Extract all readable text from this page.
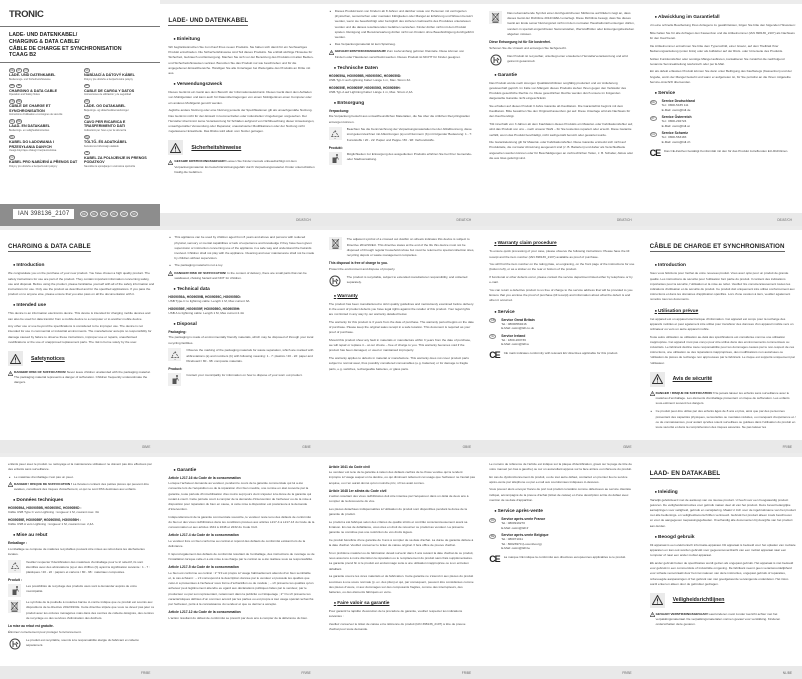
TRONIC
LADE- UND DATENKABEL/
CHARGING & DATA CABLE/
CÂBLE DE CHARGE ET SYNCHRONISATION
TCAAG B2
DE	AT	CH
LADE- UND DATENKABEL
Bedienungs- und Sicherheitshinweise
GB	IE
CHARGING & DATA CABLE
Operation and Safety Notes
FR	BE
CÂBLE DE CHARGE ET SYNCHRONISATION
Instructions d'utilisation et consignes de sécurité
NL	BE
LAAD- EN DATAKABEL
Bedienings- en veiligheidsinstructies
PL
KABEL DO ŁADOWANIA I PRZESYŁANIA DANYCH
Uwagi dotyczące obsługi i bezpieczeństwa
CZ
KABEL PRO NABÍJENÍ A PŘENOS DAT
Pokyny pro obsluhu a bezpečnostní pokyny
SK
NABÍJACÍ A DÁTOVÝ KÁBEL
Pokyny pre obsluhu a bezpečnostné pokyny
ES
CABLE DE CARGA Y DATOS
Instrucciones de utilización y de seguridad
DK
LADE- OG DATAKABEL
Betjenings- og sikkerhedsbemærkninger
IT
CAVO PER RICARICA E TRASFERIMENTO DATI
Indicazioni per l'uso e per la sicurezza
HU
TÖLTŐ- ÉS ADATKÁBEL
Kezelési és biztonsági utalások
SI
KABEL ZA POLNJENJE IN PRENOS PODATKOV
Navodila za upravljanje in varnostna opozorila
IAN 398136_2107	DE	NL	BE	PL	CZ	SK
LADE- UND DATENKABEL

● Einleitung
Wir beglückwünschen Sie zum Kauf Ihres neuen Produkts. Sie haben sich damit für ein hochwertiges Produkt entschieden. Die Sicherheitshinweise sind Teil dieses Produkts. Sie enthält wichtige Hinweise für Sicherheit, Gebrauch und Entsorgung. Machen Sie sich vor der Benutzung des Produkts mit allen Bedien- und Sicherheitshinweisen vertraut. Benutzen Sie das Produkt nur wie beschrieben und für die angegebenen Einsatzbereiche. Händigen Sie alle Unterlagen bei Weitergabe des Produkts an Dritte mit aus.
● Verwendungszweck
Dieses Gerät ist ein Gerät aus dem Bereich der Informationselektronik. Dieses Gerät dient dem Aufladen von Mobilgeräten und kann auch für Datenübertragungen von einem Mobilgerät an einen Computer oder ein anderes Mobilgerät genutzt werden.
Jegliche andere Nutzung oder eine Nutzung jenseits der Spezifikationen gilt als unsachgemäße Nutzung. Das Gerät ist nicht für den Einsatz in kommerziellen oder industriellen Umgebungen vorgesehen. Der Hersteller übernimmt keine Verantwortung für Schäden aufgrund von Nichtbeachtung dieser Anweisungen, unsachgemäßer Verwendung oder Reparatur, unautorisierter Modifikationen oder der Nutzung nicht zugelassener Ersatzteile. Das Risiko wird allein vom Nutzer getragen.
Sicherheitshinweise
GEFAHR! ERSTICKUNGSGEFAHR! Lassen Sie Kinder niemals unbeaufsichtigt mit dem Verpackungsmaterial. Es besteht Erstickungsgefahr durch Verpackungsmaterial. Kinder unterschätzen häufig die Gefahren.
DE/AT/CH
■ Dieses Produkt kann von Kindern ab 8 Jahren und darüber sowie von Personen mit verringerten physischen, sensorischen oder mentalen Fähigkeiten oder Mangel an Erfahrung und Wissen benutzt werden, wenn sie beaufsichtigt oder bezüglich des sicheren Gebrauchs des Produktes unterwiesen wurden und die daraus resultierenden Gefahren verstehen. Kinder dürfen nicht mit dem Produkt spielen. Reinigung und Benutzerwartung dürfen nicht von Kindern ohne Beaufsichtigung durchgeführt werden.
■ Das Verpackungsmaterial ist kein Spielzeug.
GEFAHR! ERSTICKUNGSGEFAHR! Zum Lieferumfang gehören Kleinteile. Diese können von Kindern oder Haustieren verschluckt werden. Dieses Produkt ist NICHT für Kinder geeignet.
● Technische Daten
HG09059A, HG09059B, HG09059C, HG09059D:
USB-Typ-C auf Lightning Kabel: Länge 1 m, Max. Strom 3A
HG09059E, HG09059F, HG09059G, HG09059H:
USB-Typ-A auf Lightning Kabel: Länge 1 m, Max. Strom 2,4A
● Entsorgung
Verpackung:
Die Verpackung besteht aus umweltfreundlichen Materialien, die Sie über die örtlichen Recyclingstellen entsorgen können.
a
Beachten Sie die Kennzeichnung der Verpackungsmaterialien bei der Abfalltrennung, diese sind gekennzeichnet mit Abkürzungen (a) und Nummern (b) mit folgender Bedeutung: 1 - 7: Kunststoffe / 20 - 22: Papier und Pappe / 80 - 98: Verbundstoffe.
Produkt:
Möglichkeiten zur Entsorgung des ausgedienten Produkts erfahren Sie bei Ihrer Gemeinde- oder Stadtverwaltung.
DE/AT/CH
Das nebenstehende Symbol einer durchgestrichenen Mülltonne auf Rädern zeigt an, dass dieses Gerät der Richtlinie 2012/19/EU unterliegt. Diese Richtlinie besagt, dass Sie dieses Gerät am Ende seiner Nutzungszeit nicht mit dem normalen Haushaltsmüll entsorgen dürfen, sondern in speziell eingerichteten Sammelstellen, Wertstoffhöfen oder Entsorgungsbetrieben abgeben müssen.
Diese Entsorgung ist für Sie kostenfrei.
Schonen Sie die Umwelt und entsorgen Sie fachgerecht.
Das Produkt ist recycelbar, unterliegt einer erweiterten Herstellerverantwortung und wird getrennt gesammelt.
● Garantie
Das Produkt wurde nach strengen Qualitätsrichtlinien sorgfältig produziert und vor Anlieferung gewissenhaft geprüft. Im Falle von Mängeln dieses Produkts stehen Ihnen gegen den Verkäufer des Produkts gesetzliche Rechte zu. Diese gesetzlichen Rechte werden durch unsere im Folgenden dargestellte Garantie nicht eingeschränkt.
Sie erhalten auf dieses Produkt 3 Jahre Garantie ab Kaufdatum. Die Garantiefrist beginnt mit dem Kaufdatum. Bitte bewahren Sie den Original-Kassenbon gut auf. Diese Unterlage wird als Nachweis für den Kauf benötigt.
Tritt innerhalb von 3 Jahren ab dem Kaufdatum dieses Produkts ein Material- oder Fabrikationsfehler auf, wird das Produkt von uns – nach unserer Wahl – für Sie kostenlos repariert oder ersetzt. Diese Garantie verfällt, wenn das Produkt beschädigt, nicht sachgemäß benutzt oder gewartet wurde.
Die Garantieleistung gilt für Material- oder Fabrikationsfehler. Diese Garantie erstreckt sich nicht auf Produktteile, die normaler Abnutzung ausgesetzt sind (z. B. Batterien) und daher als Verschleißteile angesehen werden können oder für Beschädigungen an zerbrechlichen Teilen, z. B. Schalter, Akkus oder die aus Glas gefertigt sind.
DE/AT/CH
● Abwicklung im Garantiefall
Um eine schnelle Bearbeitung Ihres Anliegens zu gewährleisten, folgen Sie bitte den folgenden Hinweisen:
Bitte halten Sie für alle Anfragen den Kassenbon und die Artikelnummer (IAN 398136_2107) als Nachweis für den Kauf bereit.
Die Artikelnummer entnehmen Sie bitte dem Typenschild, einer Gravur, auf dem Titelblatt Ihrer Bedienungsanleitung (unten links) oder als Aufkleber auf der Rück- oder Unterseite des Produkts.
Sollten Funktionsfehler oder sonstige Mängel auftreten, kontaktieren Sie zunächst die nachfolgend benannte Serviceabteilung telefonisch oder per E-Mail.
Ein als defekt erfasstes Produkt können Sie dann unter Beifügung des Kaufbelegs (Kassenbon) und der Angabe, worin der Mangel besteht und wann er aufgetreten ist, für Sie portofrei an die Ihnen mitgeteilte Service-Anschrift übersenden.
● Service
DE	Service Deutschland
Tel.: 0800-5435 111
E-Mail: owim@lidl.de
AT	Service Österreich
Tel.: 0800-292724
E-Mail: owim@lidl.at
CH	Service Schweiz
Tel.: 0800-563183
E-Mail: owim@lidl.ch
CE Das CE-Zeichen bestätigt Konformität mit den für das Produkt zutreffenden EU-Richtlinien.
DE/AT/CH
CHARGING & DATA CABLE

● Introduction
We congratulate you on the purchase of your new product. You have chosen a high quality product. The safety instructions for use are part of the product. They contain important information concerning safety, use and disposal. Before using the product, please familiarise yourself with all of the safety information and instructions for use. Only use the product as described and for the specified applications. If you pass the product on to anyone else, please ensure that you also pass on all the documentation with it.
● Intended use
This device is an information electronics device. This device is intended for charging mobile devices and can also be used for data transfer from a mobile device to a computer or to another mobile device.
Any other use or use beyond the specifications is considered to be improper use. The device is not intended for use in commercial or industrial environments. The manufacturer accepts no responsibility for damage caused by failure to observe these instructions, improper use or repairs, unauthorised modifications or the use of unapproved replacement parts. The risk is borne solely by the user.
Safetynotices
DANGER! RISK OF SUFFOCATION! Never leave children unattended with the packaging material. The packaging material represents a danger of suffocation. Children frequently underestimate the dangers.
GB/IE
■ This appliance can be used by children aged from 8 years and above and persons with reduced physical, sensory or mental capabilities or lack of experience and knowledge if they have been given supervision or instruction concerning use of the appliance in a safe way and understand the hazards involved. Children shall not play with the appliance. Cleaning and user maintenance shall not be made by children without supervision.
■ The packaging material is not a toy.
DANGER! RISK OF SUFFOCATION! In the content of delivery, there are small parts that can be swallowed, choking hazard and NOT for children.
● Technical data
HG09059A, HG09059B, HG09059C, HG09059D:
USB Type-C to lightning cable: Length 1 M, Max current 3A
HG09059E, HG09059F, HG09059G, HG09059H:
USB A to lightning cable: Length 1 M, Max current 2.4A
● Disposal
Packaging:
The packaging is made of environmentally friendly materials, which may be disposed of through your local recycling facilities.
a
Observe the marking of the packaging materials for waste separation, which are marked with abbreviations (a) and numbers (b) with following meaning: 1 - 7: plastics / 20 - 22: paper and fibreboard / 80 - 98: composite materials.
Product:
Contact your municipality for information on how to dispose of your worn out product.
GB/IE
The adjacent symbol of a crossed out dustbin on wheels indicates this device is subject to Directive 2012/19/EU. This directive states at the end of the life this device must not be disposed of through regular household refuse but must be returned to special collection sites, recycling depots or waste management companies.
This disposal is free of charge to you.
Protect the environment and dispose of properly.
The product is recyclable, subject to extended manufacturer responsibility, and collected separately.
● Warranty
The product has been manufactured to strict quality guidelines and meticulously examined before delivery. In the event of product defects you have legal rights against the retailer of this product. Your legal rights are not limited in any way by our warranty detailed below.
The warranty for this product is 3 years from the date of purchase. The warranty period begins on the date of purchase. Please keep the original sales receipt in a safe location. This document is required as your proof of purchase.
Should this product show any fault in materials or manufacture within 3 years from the date of purchase, we will repair or replace it – at our choice – free of charge to you. This warranty becomes void if the product has been damaged, or used or maintained improperly.
The warranty applies to defects in material or manufacture. This warranty does not cover product parts subject to normal wear, thus possibly considered consumables (e.g. batteries) or for damage to fragile parts, e.g. switches, rechargeable batteries, or glass parts.
GB/IE
● Warranty claim procedure
To ensure quick processing of your case, please observe the following instructions: Please have the till receipt and the item number (IAN 398136_2107) available as proof of purchase.
You will find the item number on the rating plate, an engraving, on the front page of the instructions for use (bottom left), or as a sticker on the rear or bottom of the product.
If functional or other defects occur, please contact the service department listed either by telephone or by e-mail.
You can return a defective product to us free of charge to the service address that will be provided to you. Ensure that you enclose the proof of purchase (till receipt) and information about what the defect is and when it occurred.
● Service
GB	Service Great Britain
Tel.: 08000569216
E-Mail: owim@lidl.co.uk
IE	Service Ireland
Tel.: 1800-200736
E-Mail: owim@lidl.ie
CE CE mark indicates conformity with relevant EU directives applicable for this product.
GB/IE
CÂBLE DE CHARGE ET SYNCHRONISATION

● Introduction
Nous vous félicitons pour l'achat de votre nouveau produit. Vous avez opté pour un produit de grande qualité. Les instructions de sécurité pour l'utilisation font partie du produit. Il contient des indications importantes pour la sécurité, l'utilisation et la mise au rebut. Veuillez lire consciencieusement toutes les indications d'utilisation et de sécurité du produit. Ce produit doit uniquement être utilisé conformément aux instructions et dans les domaines d'application spécifiés. Lors d'une cession à tiers, veuillez également remettre tous les documents.
● Utilisation prévue
Cet appareil est un appareil électronique d'information. Cet appareil est conçu pour la recharge des appareils mobiles et peut également être utilisé pour transférer des données d'un appareil mobile vers un ordinateur ou vers un autre appareil mobile.
Toute autre utilisation ou utilisation au-delà des spécifications est considérée comme une utilisation inappropriée. Cet appareil n'est pas conçu pour être utilisé dans des environnements commerciaux ou industriels. Le fabricant décline toute responsabilité pour les dommages causés par le non-respect de ces instructions, une utilisation ou des réparations inappropriées, des modifications non autorisées ou l'utilisation de pièces de rechange non approuvées par le fabricant. Le risque est supporté uniquement par l'utilisateur.
Avis de sécurité
DANGER ! RISQUE DE SUFFOCATION ! Ne jamais laisser les enfants sans surveillance avec le matériau d'emballage. Les éléments d'emballage présentent un risque de suffocation. Les enfants sous-estiment souvent les dangers.
■ Ce produit peut être utilisé par des enfants âgés de 8 ans et plus, ainsi que par des personnes présentant des capacités physiques, sensorielles ou mentales réduites, ou manquant d'expérience et / ou de connaissances, pour autant qu'elles soient surveillées ou guidées dans l'utilisation du produit en toute sécurité et dans la compréhension des risques associés. Ne pas laisser les
FR/BE
enfants jouer avec le produit. Le nettoyage et la maintenance utilisateur ne doivent pas être effectués par des enfants sans surveillance.
■ Le matériau d'emballage n'est pas un jouet.
DANGER ! RISQUE DE SUFFOCATION ! La livraison contient des petites pièces qui peuvent être avalées, constituant des risques d'étouffement, et qui ne sont PAS destinées aux enfants.
● Données techniques
HG09059A, HG09059B, HG09059C, HG09059D :
Câble USB Type C vers Lightning : longueur 1 M, courant max. 3A
HG09059E, HG09059F, HG09059G, HG09059H :
Câble USB A vers Lightning : longueur 1 M, courant max. 2,4A
● Mise au rebut
Emballage :
L'emballage se compose de matières recyclables pouvant être mises au rebut dans les déchetteries locales.
a
Veuillez respecter l'identification des matériaux d'emballage pour le tri sélectif, ils sont identifiés avec des abréviations (a) et des chiffres (b) ayant la signification suivante : 1 - 7 : plastiques / 20 - 22 : papiers et cartons / 80 - 98 : matériaux composites.
Produit :
Les possibilités de recyclage des produits usés sont à demander auprès de votre municipalité.
Le symbole de la poubelle à roulettes barrée ci-contre indique que ce produit est soumis aux dispositions de la directive 2012/19/UE. Cette directive stipule que vous ne devez pas jeter ce produit avec les ordures ménagères mais dans des centres de collecte désignés, des centres de recyclage ou des services d'élimination des déchets.
La mise au rebut est gratuite.
Éliminez correctement pour protéger l'environnement.
Le produit est recyclable, soumis à la responsabilité élargie du fabricant et collecté séparément.
FR/BE
● Garantie
Article L217-16 du Code de la consommation
Lorsque l'acheteur demande au vendeur, pendant le cours de la garantie commerciale qui lui a été consentie lors de l'acquisition ou de la réparation d'un bien meuble, une remise en état couverte par la garantie, toute période d'immobilisation d'au moins sept jours vient s'ajouter à la durée de la garantie qui restait à courir. Cette période court à compter de la demande d'intervention de l'acheteur ou de la mise à disposition pour réparation du bien en cause, si cette mise à disposition est postérieure à la demande d'intervention.
Indépendamment de la garantie commerciale souscrite, le vendeur reste tenu des défauts de conformité du bien et des vices rédhibitoires dans les conditions prévues aux articles L217-4 à L217-13 du Code de la consommation et aux articles 1641 à 1648 et 2232 du Code Civil.
Article L217-4 du Code de la consommation
Le vendeur livre un bien conforme au contrat et répond des défauts de conformité existant lors de la délivrance.
Il répond également des défauts de conformité résultant de l'emballage, des instructions de montage ou de l'installation lorsque celle-ci a été mise à sa charge par le contrat ou a été réalisée sous sa responsabilité.
Article L217-5 du Code de la consommation
Le bien est conforme au contrat : 1° S'il est propre à l'usage habituellement attendu d'un bien semblable et, le cas échéant : – s'il correspond à la description donnée par le vendeur et possède les qualités que celui-ci a présentées à l'acheteur sous forme d'échantillon ou de modèle ; – s'il présente les qualités qu'un acheteur peut légitimement attendre eu égard aux déclarations publiques faites par le vendeur, par le producteur ou par son représentant, notamment dans la publicité ou l'étiquetage ; 2° Ou s'il présente les caractéristiques définies d'un commun accord par les parties ou est propre à tout usage spécial recherché par l'acheteur, porté à la connaissance du vendeur et que ce dernier a accepté.
Article L217-12 du Code de la consommation
L'action résultant du défaut de conformité se prescrit par deux ans à compter de la délivrance du bien.
FR/BE
Article 1641 du Code civil
Le vendeur est tenu de la garantie à raison des défauts cachés de la chose vendue qui la rendent impropre à l'usage auquel on la destine, ou qui diminuent tellement cet usage que l'acheteur ne l'aurait pas acquise, ou n'en aurait donné qu'un moindre prix, s'il les avait connus.
Article 1648 1er alinéa du Code civil
L'action résultant des vices rédhibitoires doit être intentée par l'acquéreur dans un délai de deux ans à compter de la découverte du vice.
Les pièces détachées indispensables à l'utilisation du produit sont disponibles pendant la durée de la garantie du produit.
Le produit a été fabriqué selon des critères de qualité stricts et contrôlé consciencieusement avant sa livraison. En cas de défaillance, vous êtes en droit de retourner ce produit au vendeur. La présente garantie ne constitue pas une restriction de vos droits légaux.
Ce produit bénéficie d'une garantie de 3 ans à compter de sa date d'achat. La durée de garantie débute à la date d'achat. Veuillez conserver le ticket de caisse original. Il fera office de preuve d'achat.
Si un problème matériel ou de fabrication devait survenir dans 3 ans suivant la date d'achat de ce produit, nous assurons à notre discrétion la réparation ou le remplacement du produit sans frais supplémentaires. La garantie prend fin si le produit est endommagé suite à une utilisation inappropriée ou à un entretien défaillant.
La garantie couvre les vices matériels et de fabrication. Cette garantie ne s'étend ni aux pièces du produit soumises à une usure normale (p. ex. des piles) et qui, par conséquent, peuvent être considérées comme des pièces d'usure, ni aux dommages sur des composants fragiles, comme des interrupteurs, des batteries, ou des éléments fabriqués en verre.
● Faire valoir sa garantie
Pour garantir la rapidité d'exécution de la procédure de garantie, veuillez respecter les indications suivantes :
Veuillez conserver le ticket de caisse et la référence du produit (IAN 398136_2107) à titre de preuve d'achat pour toute demande.
FR/BE
Le numéro de référence de l'article est indiqué sur la plaque d'identification, gravé sur la page de titre de votre manuel (en bas à gauche) ou sur un autocollant apposé sur la face arrière ou inférieure du produit.
En cas de dysfonctionnement du produit, ou de tout autre défaut, contactez en premier lieu le service après-vente par téléphone ou par e-mail aux coordonnées indiquées ci-dessous.
Vous pouvez alors envoyer franco de port tout produit considéré comme défectueux au service clientèle indiqué, accompagné de la preuve d'achat (ticket de caisse) et d'une description écrite du défaut avec mention de sa date d'apparition.
● Service après-vente
FR	Service après-vente France
Tel.: 0800919270
E-Mail: owim@lidl.fr
BE	Service après-vente Belgique
Tel.: 080071011
Tel.: 80023970 (Luxembourg)
E-Mail: owim@lidl.be
CE La marque CE indique la conformité aux directives européennes applicables à ce produit.
FR/BE
LAAD- EN DATAKABEL

● Inleiding
Hartelijk gefeliciteerd met de aankoop van uw nieuwe product. U heeft voor een hoogwaardig product gekozen. De veiligheidsinstructies voor gebruik maken deel uit van het product. Deze bevat belangrijke aanwijzingen voor veiligheid, gebruik en verwijdering. Maakt U zich voor de ingebruikname van het product met alle bedienings- en veiligheidsvoorschriften vertrouwd. Gebruik het product alleen zoals beschreven en voor de aangegeven toepassingsgebieden. Overhandig alle documenten bij doorgifte van het product aan derden.
● Beoogd gebruik
Dit apparaat is een elektronisch informatie-apparaat. Dit apparaat is bedoeld voor het opladen van mobiele apparaten en kan ook worden gebruikt voor gegevensoverdracht van een mobiel apparaat naar een computer of naar een ander mobiel apparaat.
Elk ander gebruik buiten de specificaties wordt gezien als ongepast gebruik. Het apparaat is niet bedoeld voor gebruik in een commerciële of industriële omgeving. De fabrikant neemt geen verantwoordelijkheid voor schade veroorzaakt door het niet naleven van deze instructies, ongepast gebruik of reparaties, onbevoegde aanpassingen of het gebruik van niet goedgekeurde vervangende onderdelen. Het risico wordt enkel en alleen door de gebruiker gedragen.
Veiligheidsrichtlijnen
GEVAAR! VERSTIKKINGSGEVAAR! Laat kinderen nooit zonder toezicht achter met het verpakkingsmateriaal. De verpakkingsmaterialen vormen gevaar voor verstikking. Kinderen onderschatten deze gevaren.
NL/BE
